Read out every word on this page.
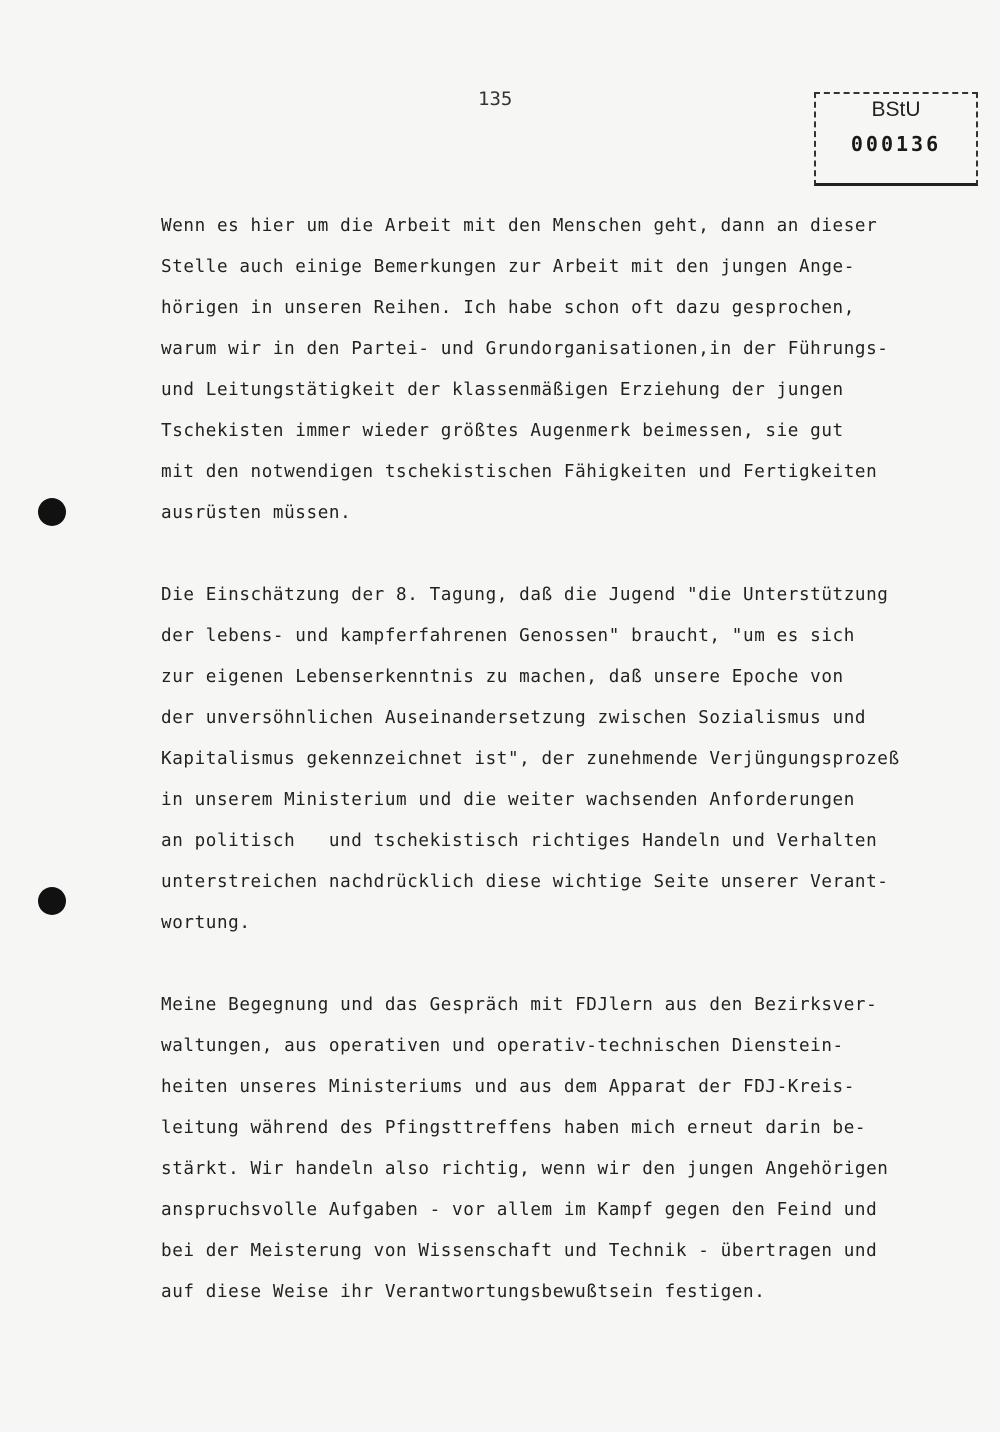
135	BStU
000136
Wenn es hier um die Arbeit mit den Menschen geht, dann an dieser
Stelle auch einige Bemerkungen zur Arbeit mit den jungen Ange-
hörigen in unseren Reihen. Ich habe schon oft dazu gesprochen,
warum wir in den Partei- und Grundorganisationen,in der Führungs-
und Leitungstätigkeit der klassenmäßigen Erziehung der jungen
Tschekisten immer wieder größtes Augenmerk beimessen, sie gut
mit den notwendigen tschekistischen Fähigkeiten und Fertigkeiten
ausrüsten müssen.
Die Einschätzung der 8. Tagung, daß die Jugend "die Unterstützung
der lebens- und kampferfahrenen Genossen" braucht, "um es sich
zur eigenen Lebenserkenntnis zu machen, daß unsere Epoche von
der unversöhnlichen Auseinandersetzung zwischen Sozialismus und
Kapitalismus gekennzeichnet ist", der zunehmende Verjüngungsprozeß
in unserem Ministerium und die weiter wachsenden Anforderungen
an politisch   und tschekistisch richtiges Handeln und Verhalten
unterstreichen nachdrücklich diese wichtige Seite unserer Verant-
wortung.
Meine Begegnung und das Gespräch mit FDJlern aus den Bezirksver-
waltungen, aus operativen und operativ-technischen Dienstein-
heiten unseres Ministeriums und aus dem Apparat der FDJ-Kreis-
leitung während des Pfingsttreffens haben mich erneut darin be-
stärkt. Wir handeln also richtig, wenn wir den jungen Angehörigen
anspruchsvolle Aufgaben - vor allem im Kampf gegen den Feind und
bei der Meisterung von Wissenschaft und Technik - übertragen und
auf diese Weise ihr Verantwortungsbewußtsein festigen.
